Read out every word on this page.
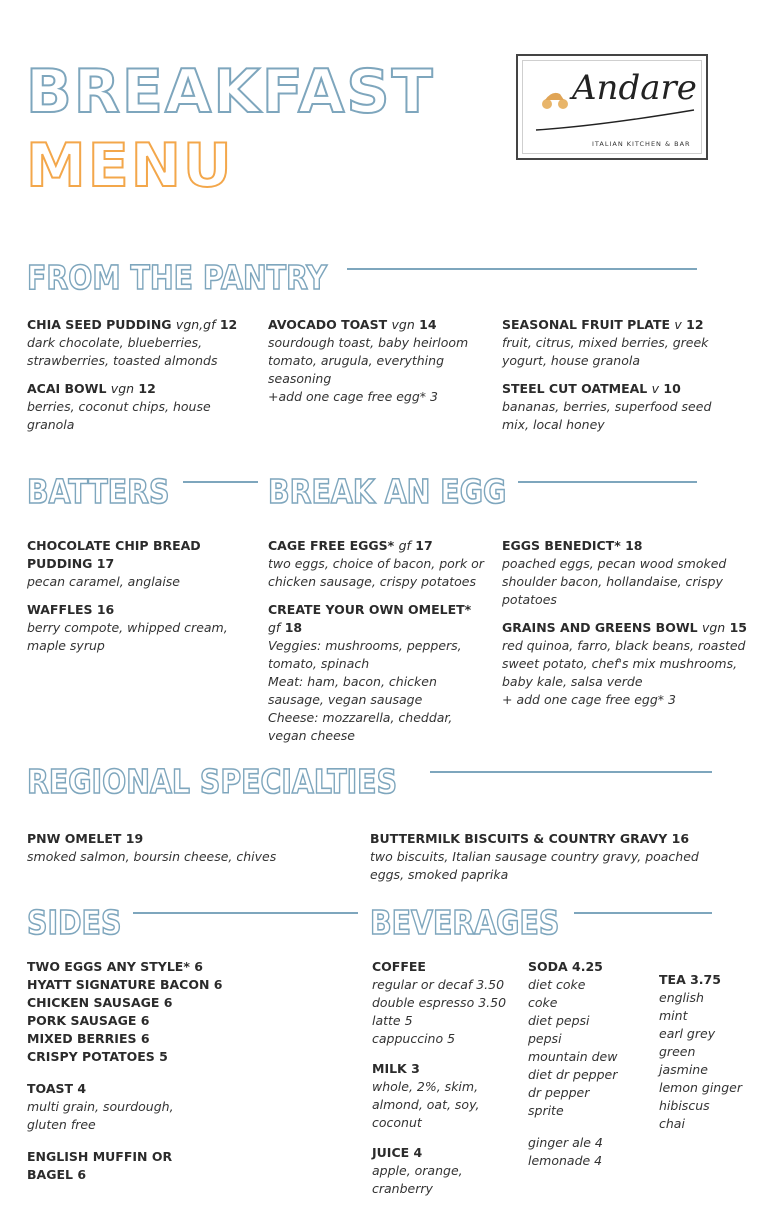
BREAKFAST
MENU
Andare
ITALIAN KITCHEN & BAR
FROM THE PANTRY
CHIA SEED PUDDING vgn,gf 12
dark chocolate, blueberries,
strawberries, toasted almonds
ACAI BOWL vgn 12
berries, coconut chips, house
granola
AVOCADO TOAST vgn 14
sourdough toast, baby heirloom
tomato, arugula, everything
seasoning
+add one cage free egg* 3
SEASONAL FRUIT PLATE v 12
fruit, citrus, mixed berries, greek
yogurt, house granola
STEEL CUT OATMEAL v 10
bananas, berries, superfood seed
mix, local honey
BATTERS
CHOCOLATE CHIP BREAD
PUDDING 17
pecan caramel, anglaise
WAFFLES 16
berry compote, whipped cream,
maple syrup
BREAK AN EGG
CAGE FREE EGGS* gf 17
two eggs, choice of bacon, pork or
chicken sausage, crispy potatoes
CREATE YOUR OWN OMELET*
gf 18
Veggies: mushrooms, peppers,
tomato, spinach
Meat: ham, bacon, chicken
sausage, vegan sausage
Cheese: mozzarella, cheddar,
vegan cheese
EGGS BENEDICT* 18
poached eggs, pecan wood smoked
shoulder bacon, hollandaise, crispy
potatoes
GRAINS AND GREENS BOWL vgn 15
red quinoa, farro, black beans, roasted
sweet potato, chef's mix mushrooms,
baby kale, salsa verde
+ add one cage free egg* 3
REGIONAL SPECIALTIES
PNW OMELET 19
smoked salmon, boursin cheese, chives
BUTTERMILK BISCUITS & COUNTRY GRAVY 16
two biscuits, Italian sausage country gravy, poached
eggs, smoked paprika
SIDES
TWO EGGS ANY STYLE* 6
HYATT SIGNATURE BACON 6
CHICKEN SAUSAGE 6
PORK SAUSAGE 6
MIXED BERRIES 6
CRISPY POTATOES 5
TOAST 4
multi grain, sourdough,
gluten free
ENGLISH MUFFIN OR
BAGEL 6
BEVERAGES
COFFEE
regular or decaf 3.50
double espresso 3.50
latte 5
cappuccino 5
MILK 3
whole, 2%, skim,
almond, oat, soy,
coconut
JUICE 4
apple, orange,
cranberry
SODA 4.25
diet coke
coke
diet pepsi
pepsi
mountain dew
diet dr pepper
dr pepper
sprite
ginger ale 4
lemonade 4
TEA 3.75
english
mint
earl grey
green
jasmine
lemon ginger
hibiscus
chai
